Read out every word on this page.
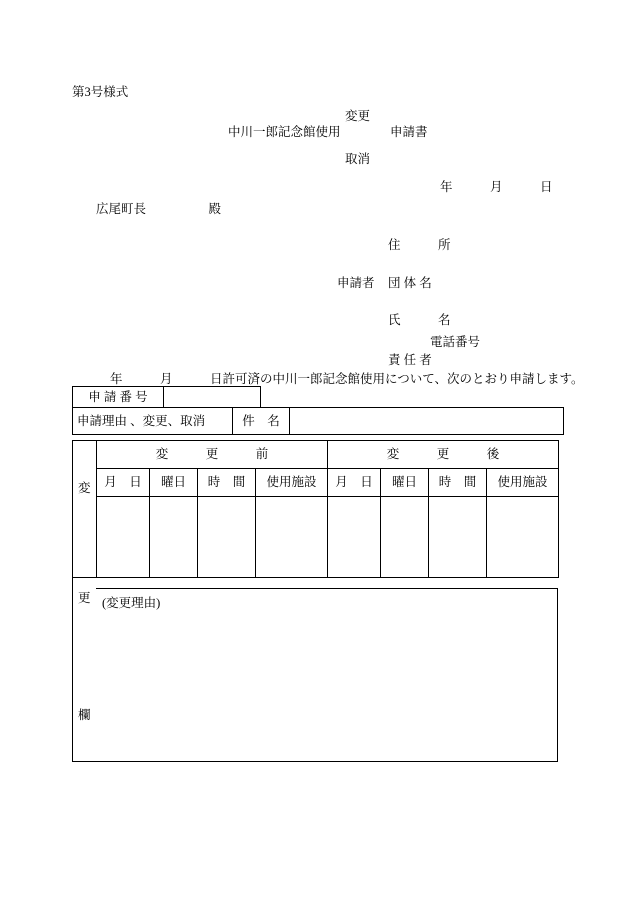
第3号様式
変更
中川一郎記念館使用	申請書
取消
年　　　月　　　日
広尾町長　　　　　殿
住　　　所
申請者 団 体 名
氏　　　名
電話番号
責 任 者
年　　　月　　　日許可済の中川一郎記念館使用について、次のとおり申請します。
申 請 番 号	
申請理由 、変更、取消	件　名	
	変　　　更　　　前				変　　　更　　　後			
	月　日	曜日	時　間	使用施設	月　日	曜日	時　間	使用施設

変
更
欄
(変更理由)
